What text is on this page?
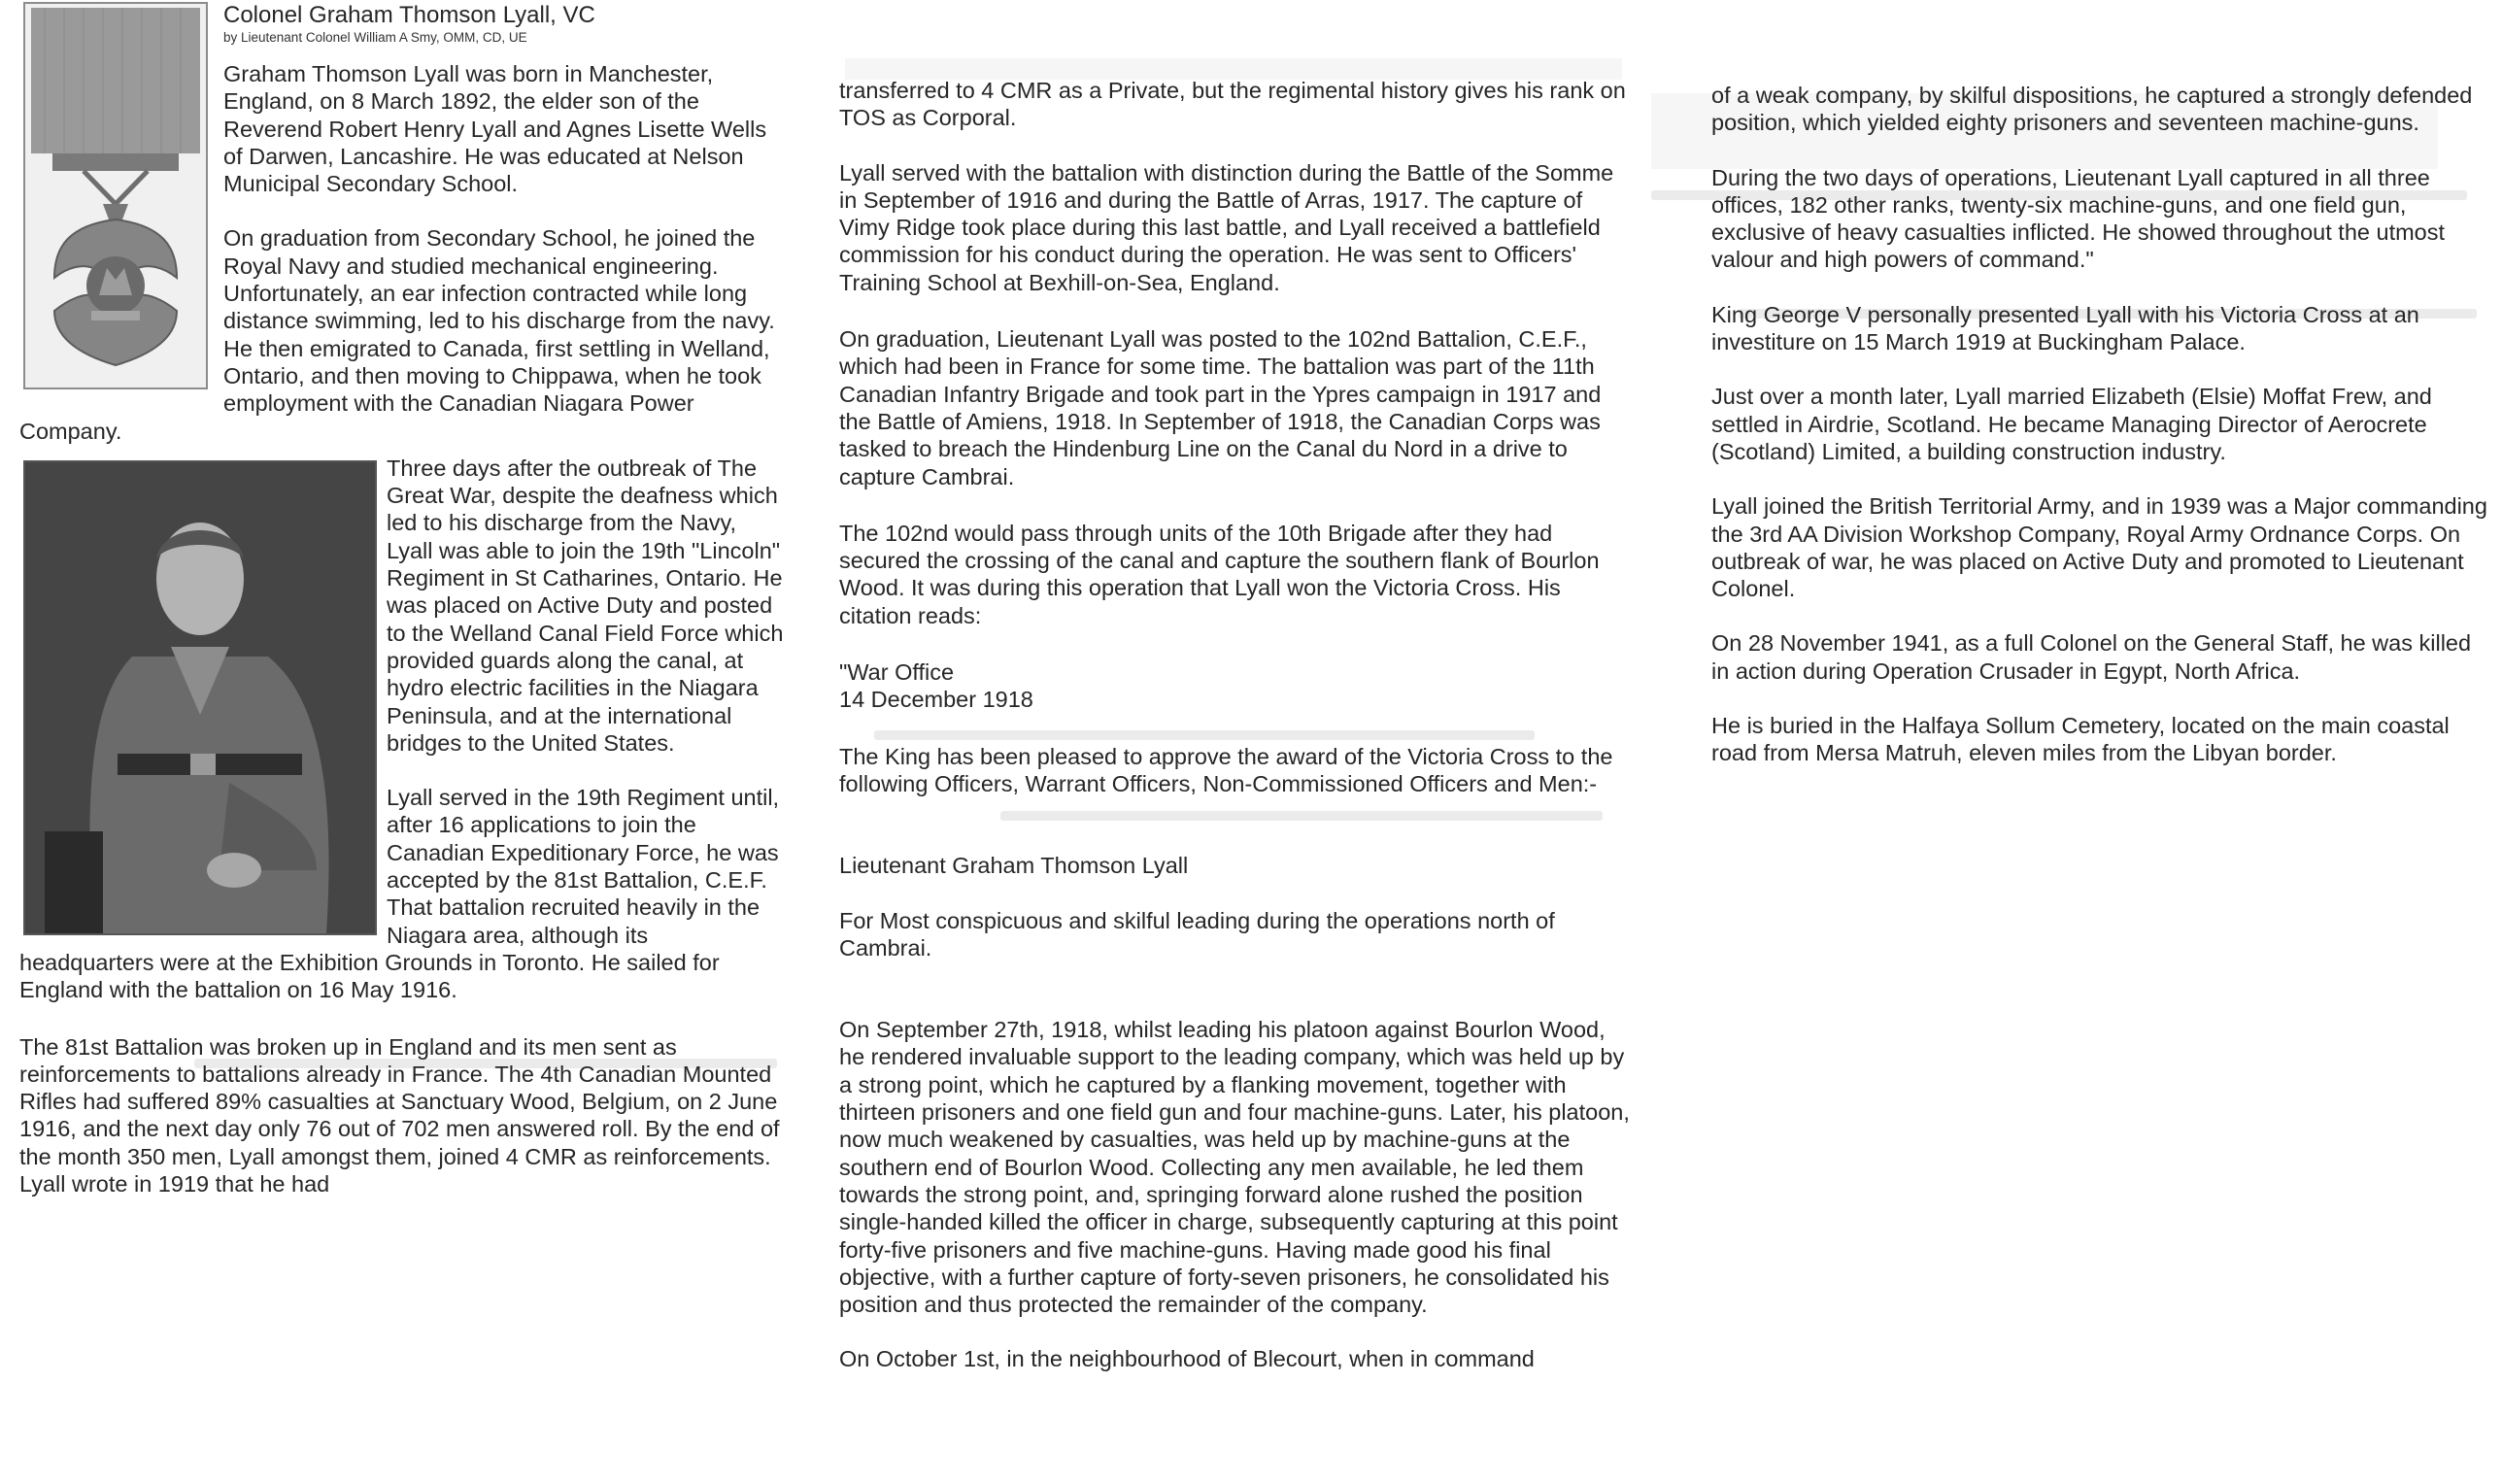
Colonel Graham Thomson Lyall, VC
by Lieutenant Colonel William A Smy, OMM, CD, UE

Graham Thomson Lyall was born in Manchester, England, on 8 March 1892, the elder son of the Reverend Robert Henry Lyall and Agnes Lisette Wells of Darwen, Lancashire. He was educated at Nelson Municipal Secondary School.

On graduation from Secondary School, he joined the Royal Navy and studied mechanical engineering. Unfortunately, an ear infection contracted while long distance swimming, led to his discharge from the navy. He then emigrated to Canada, first settling in Welland, Ontario, and then moving to Chippawa, when he took employment with the Canadian Niagara Power Company.

Three days after the outbreak of The Great War, despite the deafness which led to his discharge from the Navy, Lyall was able to join the 19th "Lincoln" Regiment in St Catharines, Ontario. He was placed on Active Duty and posted to the Welland Canal Field Force which provided guards along the canal, at hydro electric facilities in the Niagara Peninsula, and at the international bridges to the United States.

Lyall served in the 19th Regiment until, after 16 applications to join the Canadian Expeditionary Force, he was accepted by the 81st Battalion, C.E.F. That battalion recruited heavily in the Niagara area, although its headquarters were at the Exhibition Grounds in Toronto. He sailed for England with the battalion on 16 May 1916.

The 81st Battalion was broken up in England and its men sent as reinforcements to battalions already in France. The 4th Canadian Mounted Rifles had suffered 89% casualties at Sanctuary Wood, Belgium, on 2 June 1916, and the next day only 76 out of 702 men answered roll. By the end of the month 350 men, Lyall amongst them, joined 4 CMR as reinforcements. Lyall wrote in 1919 that he had

transferred to 4 CMR as a Private, but the regimental history gives his rank on TOS as Corporal.

Lyall served with the battalion with distinction during the Battle of the Somme in September of 1916 and during the Battle of Arras, 1917. The capture of Vimy Ridge took place during this last battle, and Lyall received a battlefield commission for his conduct during the operation. He was sent to Officers' Training School at Bexhill-on-Sea, England.

On graduation, Lieutenant Lyall was posted to the 102nd Battalion, C.E.F., which had been in France for some time. The battalion was part of the 11th Canadian Infantry Brigade and took part in the Ypres campaign in 1917 and the Battle of Amiens, 1918. In September of 1918, the Canadian Corps was tasked to breach the Hindenburg Line on the Canal du Nord in a drive to capture Cambrai.

The 102nd would pass through units of the 10th Brigade after they had secured the crossing of the canal and capture the southern flank of Bourlon Wood. It was during this operation that Lyall won the Victoria Cross. His citation reads:

"War Office

14 December 1918

The King has been pleased to approve the award of the Victoria Cross to the following Officers, Warrant Officers, Non-Commissioned Officers and Men:-

Lieutenant Graham Thomson Lyall

For Most conspicuous and skilful leading during the operations north of Cambrai.

On September 27th, 1918, whilst leading his platoon against Bourlon Wood, he rendered invaluable support to the leading company, which was held up by a strong point, which he captured by a flanking movement, together with thirteen prisoners and one field gun and four machine-guns. Later, his platoon, now much weakened by casualties, was held up by machine-guns at the southern end of Bourlon Wood. Collecting any men available, he led them towards the strong point, and, springing forward alone rushed the position single-handed killed the officer in charge, subsequently capturing at this point forty-five prisoners and five machine-guns. Having made good his final objective, with a further capture of forty-seven prisoners, he consolidated his position and thus protected the remainder of the company.

On October 1st, in the neighbourhood of Blecourt, when in command

of a weak company, by skilful dispositions, he captured a strongly defended position, which yielded eighty prisoners and seventeen machine-guns.

During the two days of operations, Lieutenant Lyall captured in all three offices, 182 other ranks, twenty-six machine-guns, and one field gun, exclusive of heavy casualties inflicted. He showed throughout the utmost valour and high powers of command."

King George V personally presented Lyall with his Victoria Cross at an investiture on 15 March 1919 at Buckingham Palace.

Just over a month later, Lyall married Elizabeth (Elsie) Moffat Frew, and settled in Airdrie, Scotland. He became Managing Director of Aerocrete (Scotland) Limited, a building construction industry.

Lyall joined the British Territorial Army, and in 1939 was a Major commanding the 3rd AA Division Workshop Company, Royal Army Ordnance Corps. On outbreak of war, he was placed on Active Duty and promoted to Lieutenant Colonel.

On 28 November 1941, as a full Colonel on the General Staff, he was killed in action during Operation Crusader in Egypt, North Africa.

He is buried in the Halfaya Sollum Cemetery, located on the main coastal road from Mersa Matruh, eleven miles from the Libyan border.
